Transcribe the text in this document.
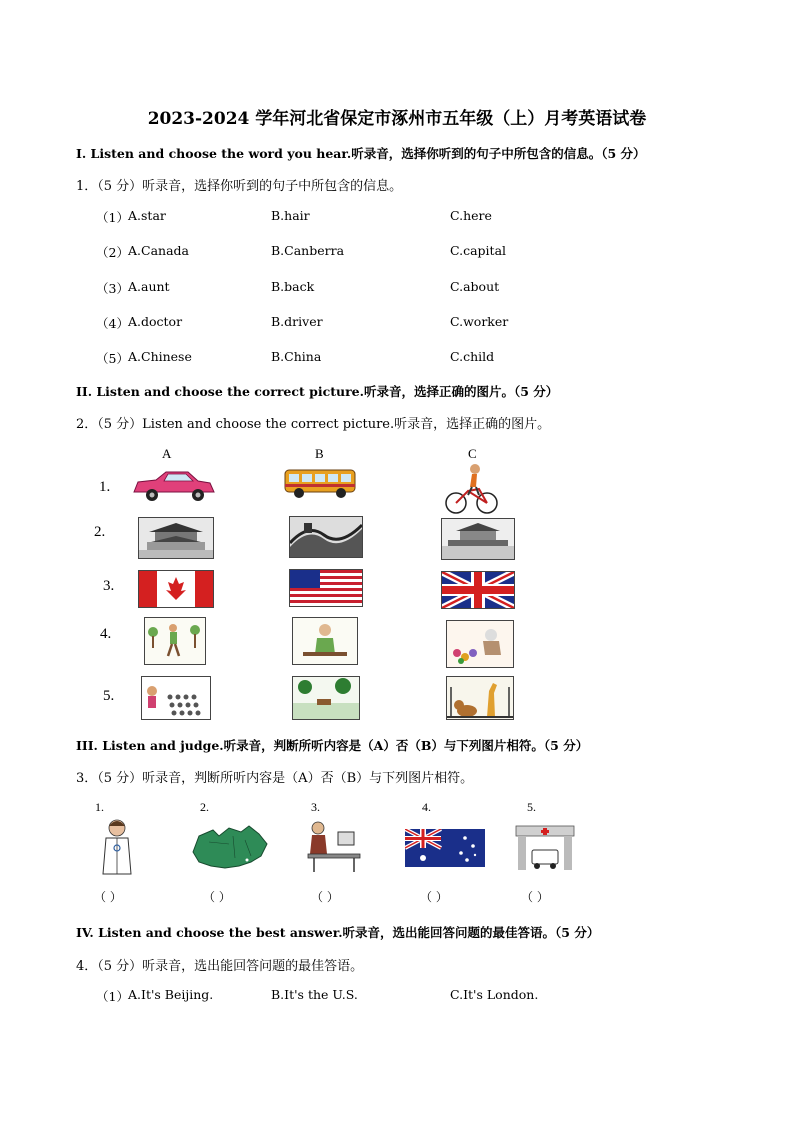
2023-2024 学年河北省保定市涿州市五年级（上）月考英语试卷
I. Listen and choose the word you hear.听录音，选择你听到的句子中所包含的信息。（5 分）
1．（5 分）听录音，选择你听到的句子中所包含的信息。
（1） A.star	B.hair	C.here
（2） A.Canada	B.Canberra	C.capital
（3） A.aunt	B.back	C.about
（4） A.doctor	B.driver	C.worker
（5） A.Chinese	B.China	C.child
II. Listen and choose the correct picture.听录音，选择正确的图片。（5 分）
2．（5 分）Listen and choose the correct picture.听录音，选择正确的图片。
A	B	C
1.
2.
3.
4.
5.
III. Listen and judge.听录音，判断所听内容是（A）否（B）与下列图片相符。（5 分）
3．（5 分）听录音，判断所听内容是（A）否（B）与下列图片相符。
1.	2.	3.	4.	5.
（ ）	（ ）	（ ）	（ ）	（ ）
IV. Listen and choose the best answer.听录音，选出能回答问题的最佳答语。（5 分）
4．（5 分）听录音，选出能回答问题的最佳答语。
（1） A.It's Beijing.	B.It's the U.S.	C.It's London.
